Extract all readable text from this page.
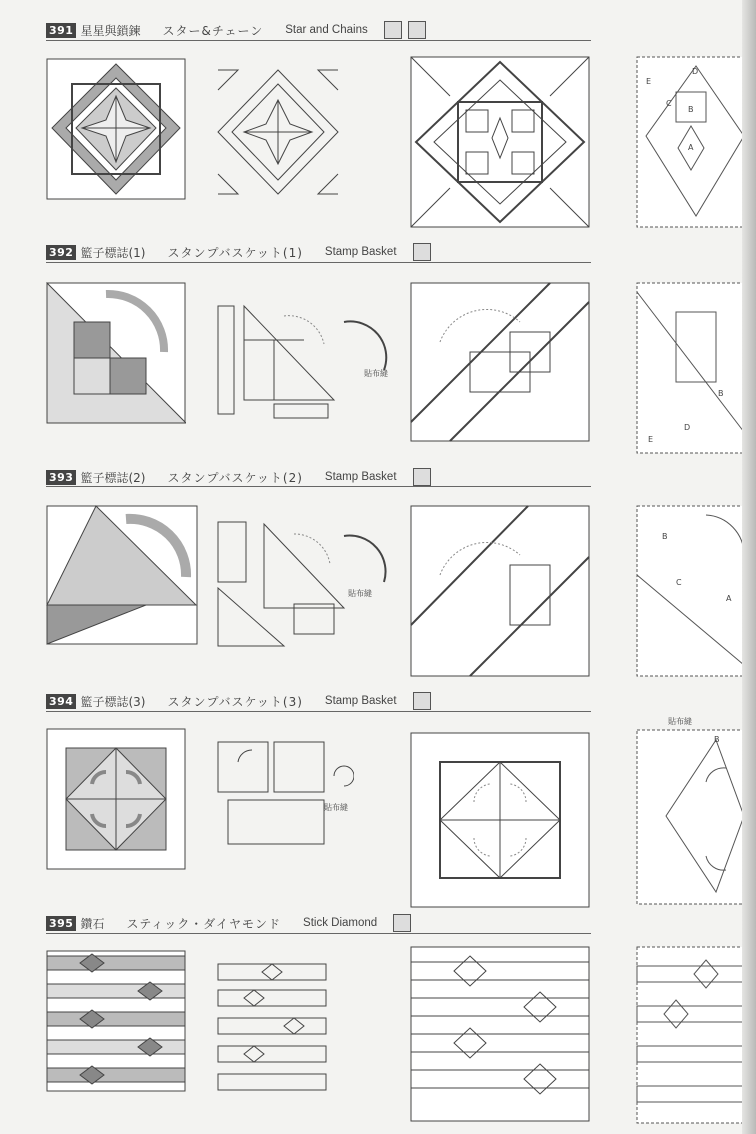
391 星星與鎖鍊 スター&チェーン Star and Chains
E
D
C
B
A
392 籃子標誌(1) スタンプバスケット(1) Stamp Basket
貼布縫
E
D
B
393 籃子標誌(2) スタンプバスケット(2) Stamp Basket
貼布縫
B
C
A
394 籃子標誌(3) スタンプバスケット(3) Stamp Basket
貼布縫
貼布縫
B
395 鑽石 スティック・ダイヤモンド Stick Diamond
